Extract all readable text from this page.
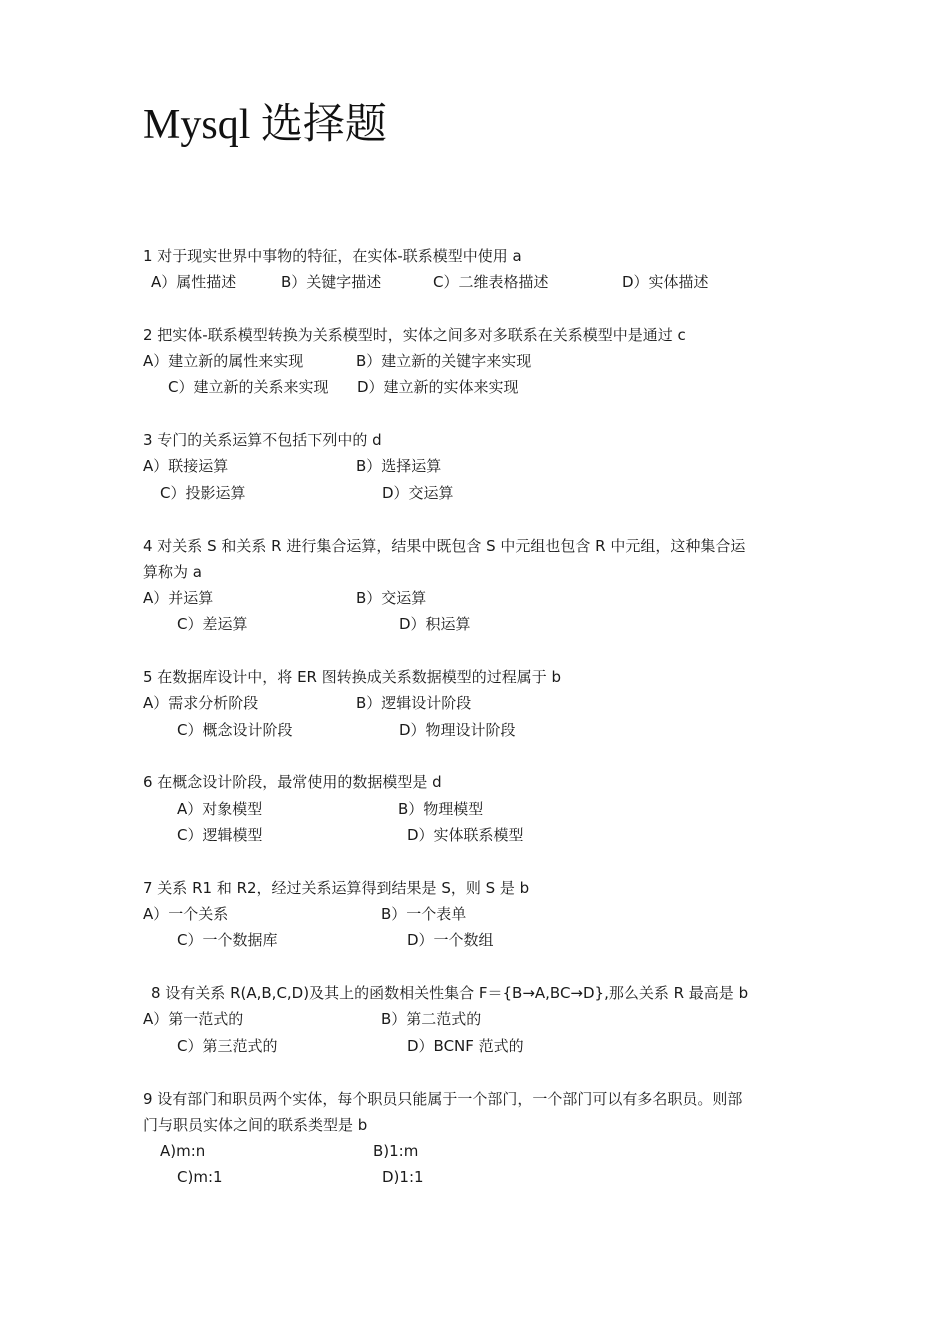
Mysql 选择题
1 对于现实世界中事物的特征，在实体-联系模型中使用 a
A）属性描述	B）关键字描述	C）二维表格描述	D）实体描述
2 把实体-联系模型转换为关系模型时，实体之间多对多联系在关系模型中是通过 c
A）建立新的属性来实现	B）建立新的关键字来实现
C）建立新的关系来实现 D）建立新的实体来实现
3 专门的关系运算不包括下列中的 d
A）联接运算	B）选择运算
C）投影运算	D）交运算
4 对关系 S 和关系 R 进行集合运算，结果中既包含 S 中元组也包含 R 中元组，这种集合运
算称为 a
A）并运算	B）交运算
C）差运算	D）积运算
5 在数据库设计中，将 ER 图转换成关系数据模型的过程属于 b
A）需求分析阶段	B）逻辑设计阶段
C）概念设计阶段	D）物理设计阶段
6 在概念设计阶段，最常使用的数据模型是 d
A）对象模型	B）物理模型
C）逻辑模型	D）实体联系模型
7 关系 R1 和 R2，经过关系运算得到结果是 S，则 S 是 b
A）一个关系	B）一个表单
C）一个数据库	D）一个数组
8 设有关系 R(A,B,C,D)及其上的函数相关性集合 F＝{B→A,BC→D},那么关系 R 最高是 b
A）第一范式的	B）第二范式的
C）第三范式的	D）BCNF 范式的
9 设有部门和职员两个实体，每个职员只能属于一个部门，一个部门可以有多名职员。则部
门与职员实体之间的联系类型是 b
A)m:n	B)1:m
C)m:1	D)1:1
